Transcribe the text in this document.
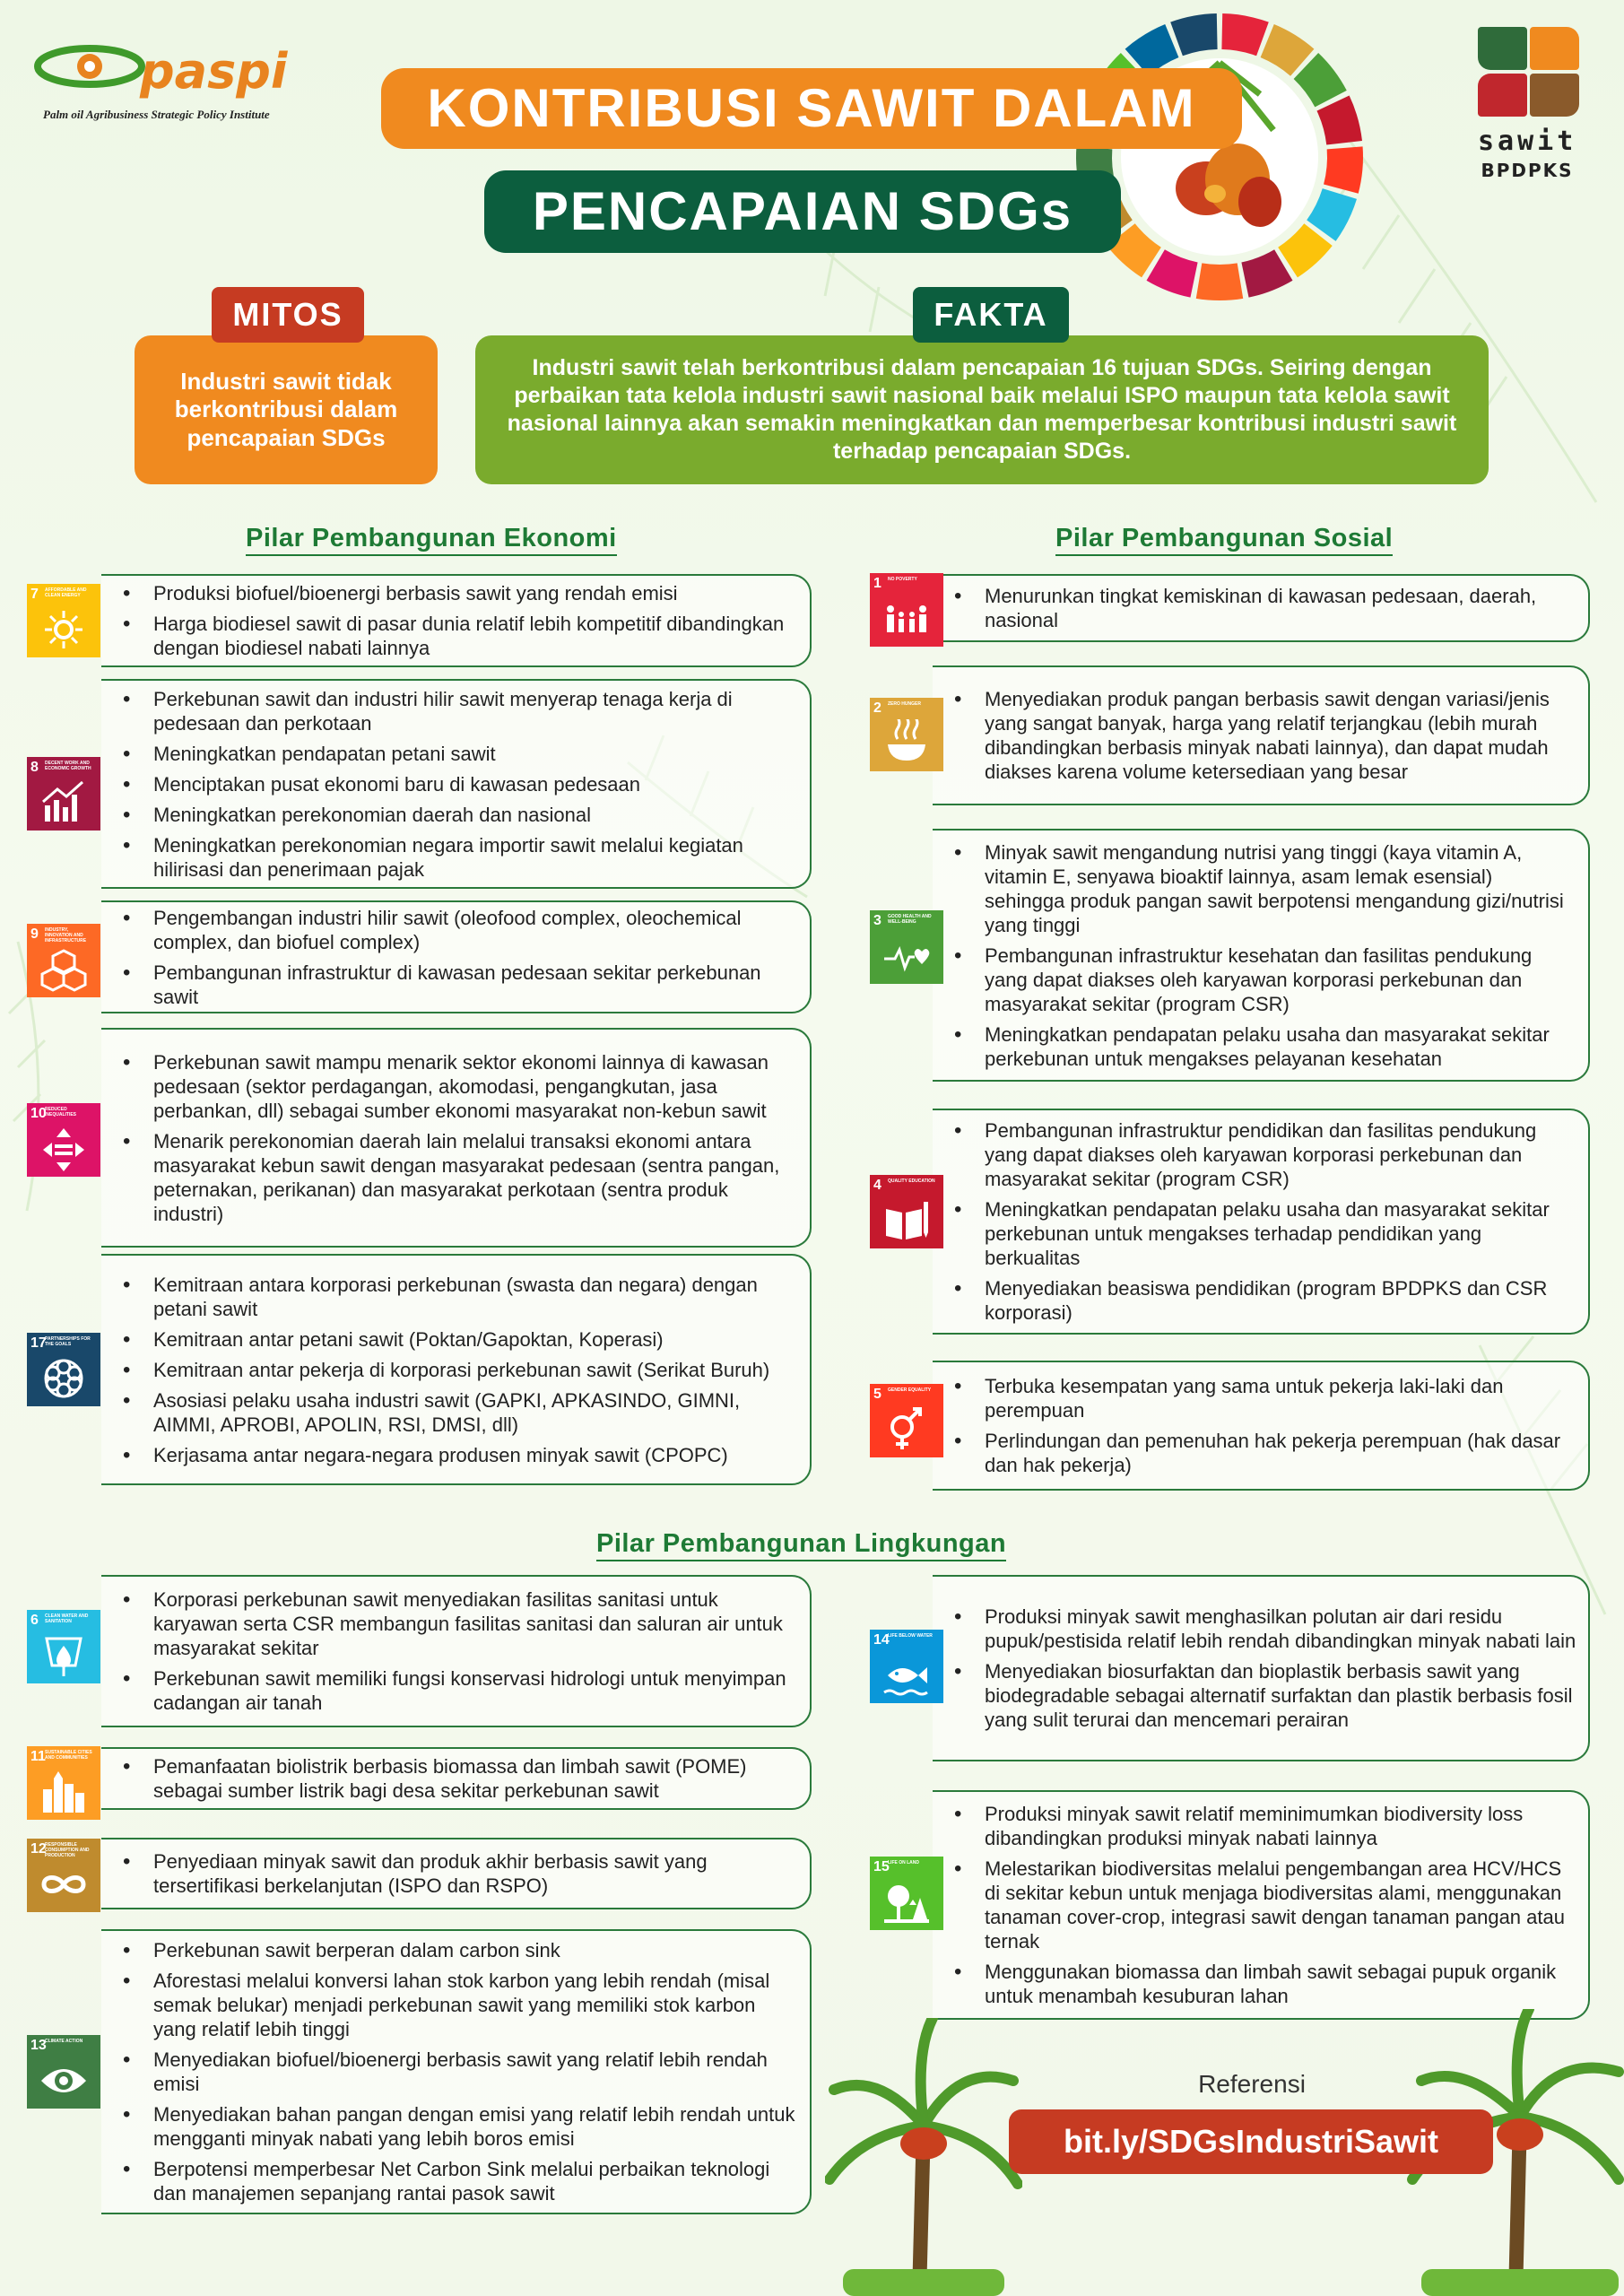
paspi
Palm oil Agribusiness Strategic Policy Institute	KONTRIBUSI SAWIT DALAM
PENCAPAIAN SDGs
sawit
BPDPKS
Industri sawit tidak berkontribusi dalam pencapaian SDGs
MITOS
Industri sawit telah berkontribusi dalam pencapaian 16 tujuan SDGs. Seiring dengan perbaikan tata kelola industri sawit nasional baik melalui ISPO maupun tata kelola sawit nasional lainnya akan semakin meningkatkan dan memperbesar kontribusi industri sawit terhadap pencapaian SDGs.
FAKTA
Pilar Pembangunan Ekonomi	Pilar Pembangunan Sosial
Pilar Pembangunan Lingkungan
• Produksi biofuel/bioenergi berbasis sawit yang rendah emisi
• Harga biodiesel sawit di pasar dunia relatif lebih kompetitif dibandingkan dengan biodiesel nabati lainnya
7 AFFORDABLE AND CLEAN ENERGY
• Perkebunan sawit dan industri hilir sawit menyerap tenaga kerja di pedesaan dan perkotaan
• Meningkatkan pendapatan petani sawit
• Menciptakan pusat ekonomi baru di kawasan pedesaan
• Meningkatkan perekonomian daerah dan nasional
• Meningkatkan perekonomian negara importir sawit melalui kegiatan hilirisasi dan penerimaan pajak
8 DECENT WORK AND ECONOMIC GROWTH
• Pengembangan industri hilir sawit (oleofood complex, oleochemical complex, dan biofuel complex)
• Pembangunan infrastruktur di kawasan pedesaan sekitar perkebunan sawit
9 INDUSTRY, INNOVATION AND INFRASTRUCTURE
• Perkebunan sawit mampu menarik sektor ekonomi lainnya di kawasan pedesaan (sektor perdagangan, akomodasi, pengangkutan, jasa perbankan, dll) sebagai sumber ekonomi masyarakat non-kebun sawit
• Menarik perekonomian daerah lain melalui transaksi ekonomi antara masyarakat kebun sawit dengan masyarakat pedesaan (sentra pangan, peternakan, perikanan) dan masyarakat perkotaan (sentra produk industri)
10
REDUCED INEQUALITIES
• Kemitraan antara korporasi perkebunan (swasta dan negara) dengan petani sawit
• Kemitraan antar petani sawit (Poktan/Gapoktan, Koperasi)
• Kemitraan antar pekerja di korporasi perkebunan sawit (Serikat Buruh)
• Asosiasi pelaku usaha industri sawit (GAPKI, APKASINDO, GIMNI, AIMMI, APROBI, APOLIN, RSI, DMSI, dll)
• Kerjasama antar negara-negara produsen minyak sawit (CPOPC)
17
PARTNERSHIPS FOR THE GOALS
• Menurunkan tingkat kemiskinan di kawasan pedesaan, daerah, nasional
1 NO POVERTY
• Menyediakan produk pangan berbasis sawit dengan variasi/jenis yang sangat banyak, harga yang relatif terjangkau (lebih murah dibandingkan berbasis minyak nabati lainnya), dan dapat mudah diakses karena volume ketersediaan yang besar
2 ZERO HUNGER
• Minyak sawit mengandung nutrisi yang tinggi (kaya vitamin A, vitamin E, senyawa bioaktif lainnya, asam lemak esensial) sehingga produk pangan sawit berpotensi mengandung gizi/nutrisi yang tinggi
• Pembangunan infrastruktur kesehatan dan fasilitas pendukung yang dapat diakses oleh karyawan korporasi perkebunan dan masyarakat sekitar (program CSR)
• Meningkatkan pendapatan pelaku usaha dan masyarakat sekitar perkebunan untuk mengakses pelayanan kesehatan
3 GOOD HEALTH AND WELL-BEING
• Pembangunan infrastruktur pendidikan dan fasilitas pendukung yang dapat diakses oleh karyawan korporasi perkebunan dan masyarakat sekitar (program CSR)
• Meningkatkan pendapatan pelaku usaha dan masyarakat sekitar perkebunan untuk mengakses terhadap pendidikan yang berkualitas
• Menyediakan beasiswa pendidikan (program BPDPKS dan CSR korporasi)
4 QUALITY EDUCATION
• Terbuka kesempatan yang sama untuk pekerja laki-laki dan perempuan
• Perlindungan dan pemenuhan hak pekerja perempuan (hak dasar dan hak pekerja)
5 GENDER EQUALITY
• Korporasi perkebunan sawit menyediakan fasilitas sanitasi untuk karyawan serta CSR membangun fasilitas sanitasi dan saluran air untuk masyarakat sekitar
• Perkebunan sawit memiliki fungsi konservasi hidrologi untuk menyimpan cadangan air tanah
6 CLEAN WATER AND SANITATION
• Pemanfaatan biolistrik berbasis biomassa dan limbah sawit (POME) sebagai sumber listrik bagi desa sekitar perkebunan sawit
11 SUSTAINABLE CITIES AND COMMUNITIES
• Penyediaan minyak sawit dan produk akhir berbasis sawit yang tersertifikasi berkelanjutan (ISPO dan RSPO)
12
RESPONSIBLE CONSUMPTION AND PRODUCTION
• Perkebunan sawit berperan dalam carbon sink
• Aforestasi melalui konversi lahan stok karbon yang lebih rendah (misal semak belukar) menjadi perkebunan sawit yang memiliki stok karbon yang relatif lebih tinggi
• Menyediakan biofuel/bioenergi berbasis sawit yang relatif lebih rendah emisi
• Menyediakan bahan pangan dengan emisi yang relatif lebih rendah untuk mengganti minyak nabati yang lebih boros emisi
• Berpotensi memperbesar Net Carbon Sink melalui perbaikan teknologi dan manajemen sepanjang rantai pasok sawit
13
CLIMATE ACTION
• Produksi minyak sawit menghasilkan polutan air dari residu pupuk/pestisida relatif lebih rendah dibandingkan minyak nabati lain
• Menyediakan biosurfaktan dan bioplastik berbasis sawit yang biodegradable sebagai alternatif surfaktan dan plastik berbasis fosil yang sulit terurai dan mencemari perairan
14
LIFE BELOW WATER
• Produksi minyak sawit relatif meminimumkan biodiversity loss dibandingkan produksi minyak nabati lainnya
• Melestarikan biodiversitas melalui pengembangan area HCV/HCS di sekitar kebun untuk menjaga biodiversitas alami, menggunakan tanaman cover-crop, integrasi sawit dengan tanaman pangan atau ternak
• Menggunakan biomassa dan limbah sawit sebagai pupuk organik untuk menambah kesuburan lahan
15
LIFE ON LAND
Referensi
bit.ly/SDGsIndustriSawit
